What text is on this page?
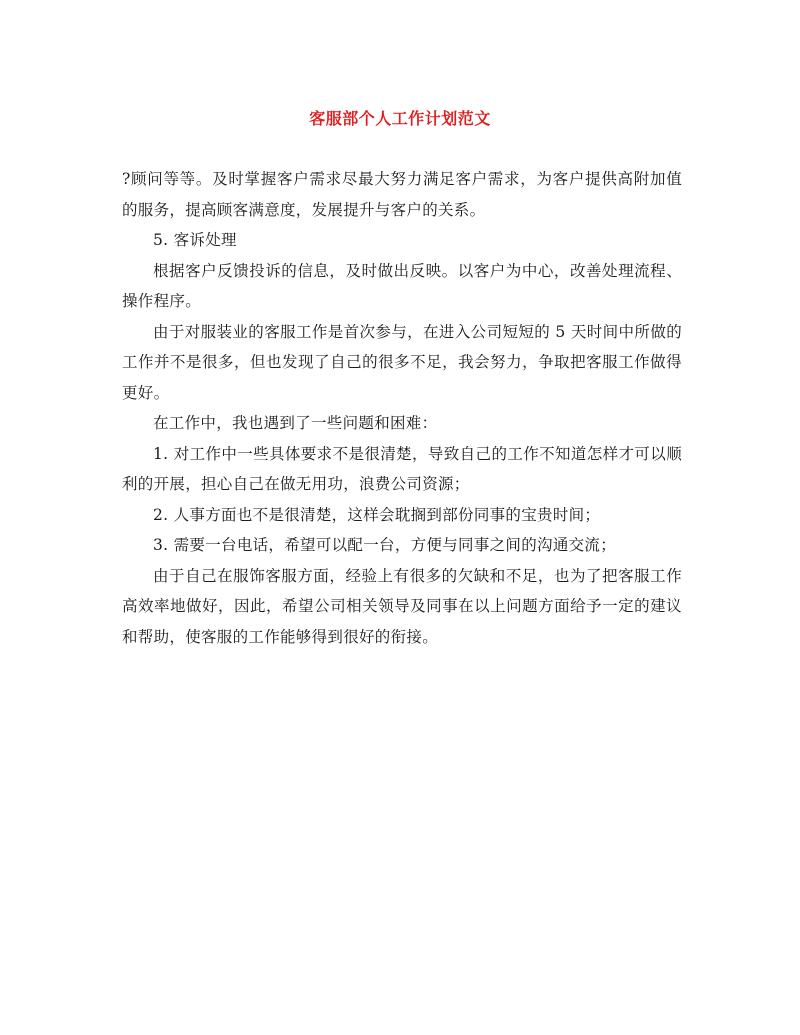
客服部个人工作计划范文

?顾问等等。及时掌握客户需求尽最大努力满足客户需求，为客户提供高附加值的服务，提高顾客满意度，发展提升与客户的关系。

5. 客诉处理

根据客户反馈投诉的信息，及时做出反映。以客户为中心，改善处理流程、操作程序。

由于对服装业的客服工作是首次参与，在进入公司短短的 5 天时间中所做的工作并不是很多，但也发现了自己的很多不足，我会努力，争取把客服工作做得更好。

在工作中，我也遇到了一些问题和困难：

1. 对工作中一些具体要求不是很清楚，导致自己的工作不知道怎样才可以顺利的开展，担心自己在做无用功，浪费公司资源；

2. 人事方面也不是很清楚，这样会耽搁到部份同事的宝贵时间；

3. 需要一台电话，希望可以配一台，方便与同事之间的沟通交流；

由于自己在服饰客服方面，经验上有很多的欠缺和不足，也为了把客服工作高效率地做好，因此，希望公司相关领导及同事在以上问题方面给予一定的建议和帮助，使客服的工作能够得到很好的衔接。
